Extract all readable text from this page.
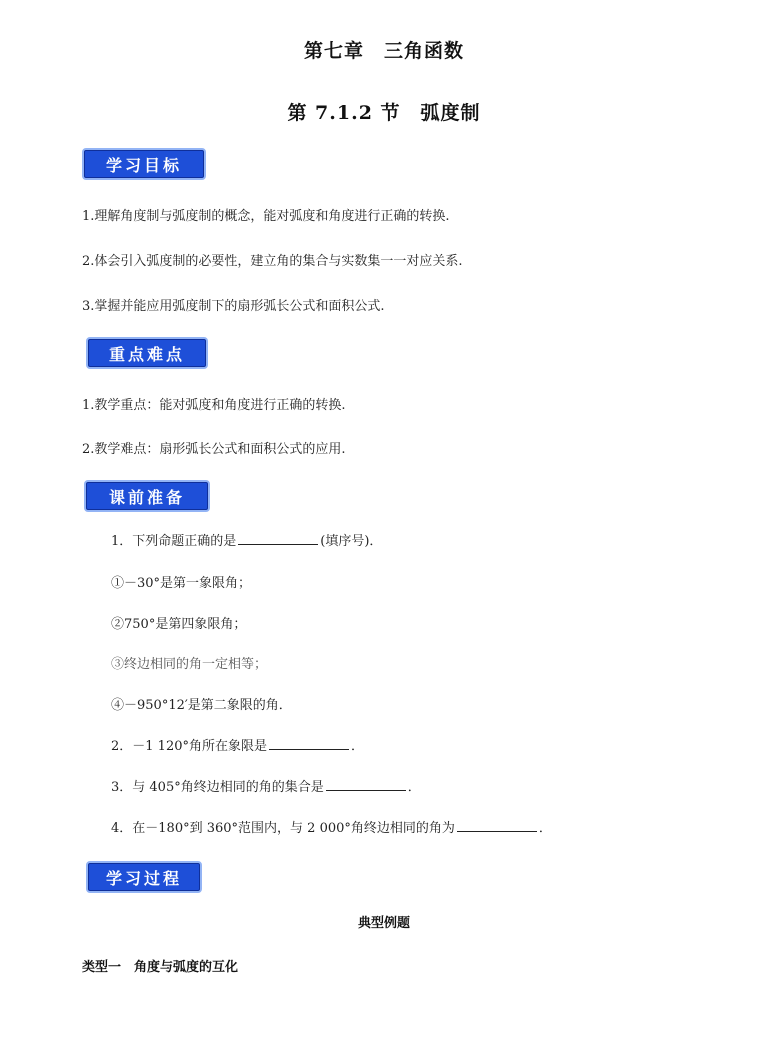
第七章　三角函数
第 7.1.2 节　弧度制
学习目标
1.理解角度制与弧度制的概念，能对弧度和角度进行正确的转换.
2.体会引入弧度制的必要性，建立角的集合与实数集一一对应关系.
3.掌握并能应用弧度制下的扇形弧长公式和面积公式.
重点难点
1.教学重点：能对弧度和角度进行正确的转换.
2.教学难点：扇形弧长公式和面积公式的应用.
课前准备
1．下列命题正确的是	(填序号)．
①－30°是第一象限角；
②750°是第四象限角；
③终边相同的角一定相等；
④－950°12′是第二象限的角．
2．－1 120°角所在象限是	．
3．与 405°角终边相同的角的集合是	．
4．在－180°到 360°范围内，与 2 000°角终边相同的角为	．
学习过程
典型例题
类型一　角度与弧度的互化
